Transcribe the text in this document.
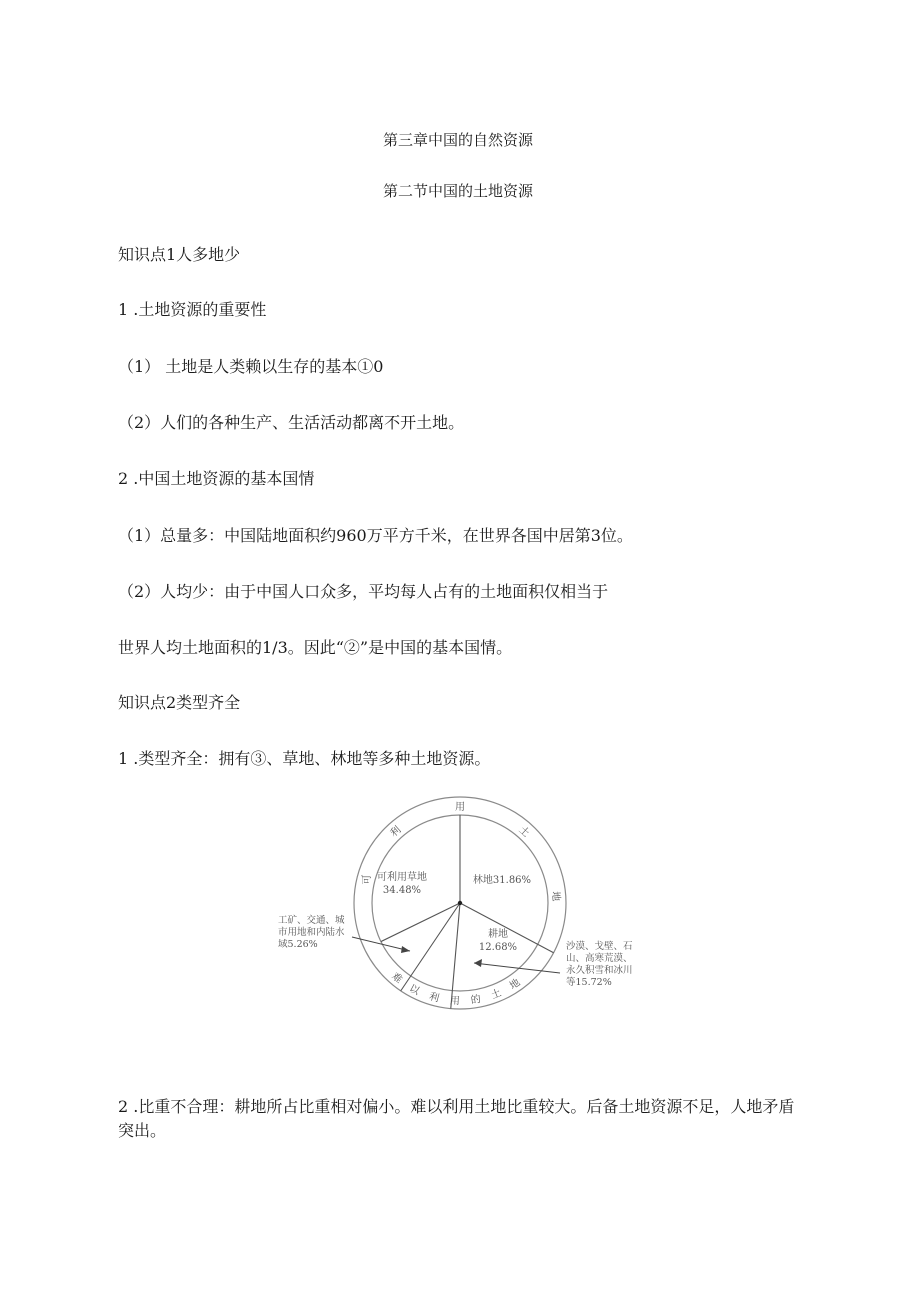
第三章中国的自然资源
第二节中国的土地资源
知识点1人多地少
1 .土地资源的重要性
（1） 土地是人类赖以生存的基本①0
（2）人们的各种生产、生活活动都离不开土地。
2 .中国土地资源的基本国情
（1）总量多：中国陆地面积约960万平方千米，在世界各国中居第3位。
（2）人均少：由于中国人口众多，平均每人占有的土地面积仅相当于
世界人均土地面积的1/3。因此“②”是中国的基本国情。
知识点2类型齐全
1 .类型齐全：拥有③、草地、林地等多种土地资源。
利
用
土
地
难
以
利 用 的 土
地
可 可利用草地
34.48%
林地31.86%
耕地
12.68%
工矿、交通、城
市用地和内陆水
域5.26%	沙漠、戈壁、石
山、高寒荒漠、
永久积雪和冰川
等15.72%
2 .比重不合理：耕地所占比重相对偏小。难以利用土地比重较大。后备土地资源不足，人地矛盾突出。
